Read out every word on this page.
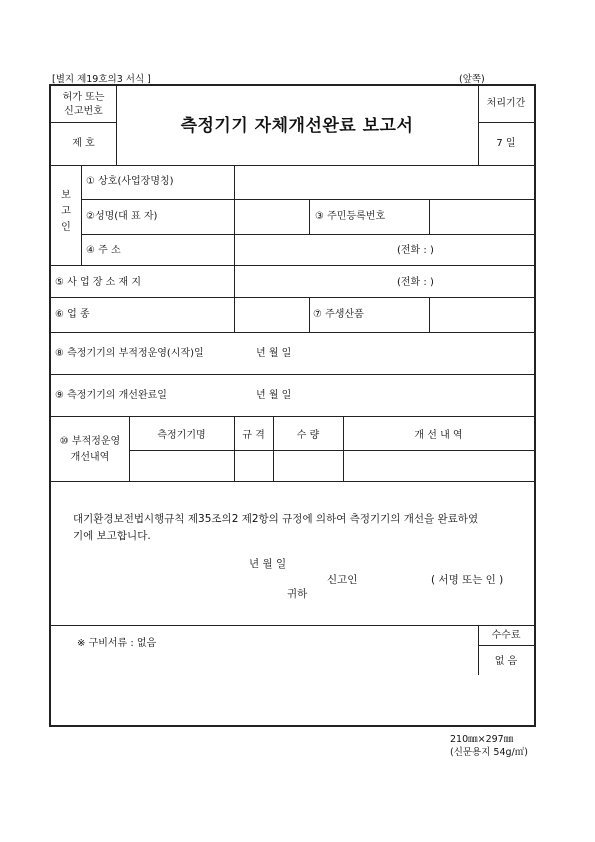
[별지 제19호의3 서식 ]	(앞쪽)
허가 또는
신고번호
제 호
측정기기 자체개선완료 보고서
처리기간
7 일
보
고
인
① 상호(사업장명칭)
②성명(대 표 자)	③ 주민등록번호
④ 주 소	(전화 : )
⑤ 사 업 장 소 재 지	(전화 : )
⑥ 업 종	⑦ 주생산품
⑧ 측정기기의 부적정운영(시작)일	년 월 일
⑨ 측정기기의 개선완료일	년 월 일
⑩ 부적정운영
개선내역
측정기기명	규 격	수 량	개 선 내 역
대기환경보전법시행규칙 제35조의2 제2항의 규정에 의하여 측정기기의 개선을 완료하였
기에 보고합니다.
년 월 일
신고인	( 서명 또는 인 )
귀하
※ 구비서류 : 없음
수수료
없 음
210㎜×297㎜
(신문용지 54g/㎡)
